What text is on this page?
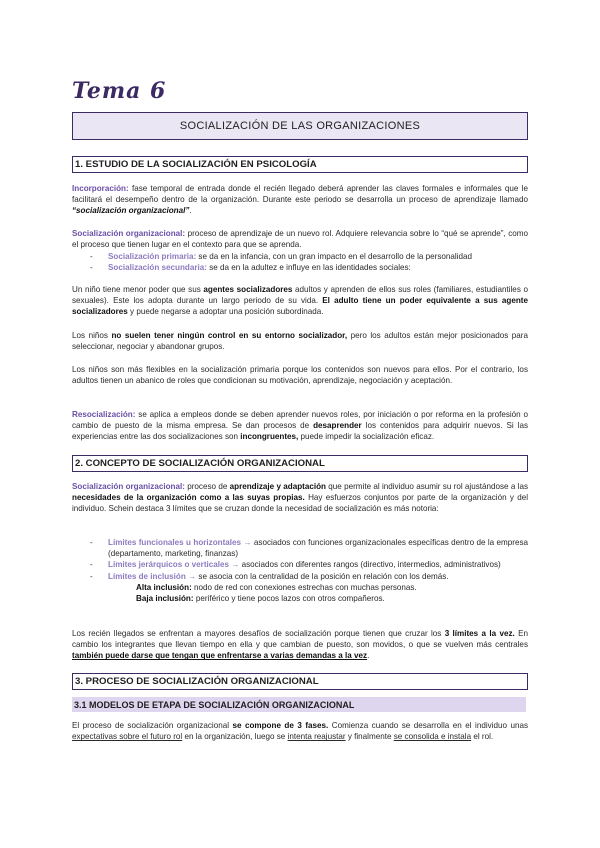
Tema 6
SOCIALIZACIÓN DE LAS ORGANIZACIONES
1. ESTUDIO DE LA SOCIALIZACIÓN EN PSICOLOGÍA
Incorporación: fase temporal de entrada donde el recién llegado deberá aprender las claves formales e informales que le facilitará el desempeño dentro de la organización. Durante este periodo se desarrolla un proceso de aprendizaje llamado “socialización organizacional”.
Socialización organizacional: proceso de aprendizaje de un nuevo rol. Adquiere relevancia sobre lo “qué se aprende”, como el proceso que tienen lugar en el contexto para que se aprenda.
-	Socialización primaria: se da en la infancia, con un gran impacto en el desarrollo de la personalidad
-	Socialización secundaria: se da en la adultez e influye en las identidades sociales:
Un niño tiene menor poder que sus agentes socializadores adultos y aprenden de ellos sus roles (familiares, estudiantiles o sexuales). Este los adopta durante un largo periodo de su vida. El adulto tiene un poder equivalente a sus agente socializadores y puede negarse a adoptar una posición subordinada.
Los niños no suelen tener ningún control en su entorno socializador, pero los adultos están mejor posicionados para seleccionar, negociar y abandonar grupos.
Los niños son más flexibles en la socialización primaria porque los contenidos son nuevos para ellos. Por el contrario, los adultos tienen un abanico de roles que condicionan su motivación, aprendizaje, negociación y aceptación.
Resocialización: se aplica a empleos donde se deben aprender nuevos roles, por iniciación o por reforma en la profesión o cambio de puesto de la misma empresa. Se dan procesos de desaprender los contenidos para adquirir nuevos. Si las experiencias entre las dos socializaciones son incongruentes, puede impedir la socialización eficaz.
2. CONCEPTO DE SOCIALIZACIÓN ORGANIZACIONAL
Socialización organizacional: proceso de aprendizaje y adaptación que permite al individuo asumir su rol ajustándose a las necesidades de la organización como a las suyas propias. Hay esfuerzos conjuntos por parte de la organización y del individuo. Schein destaca 3 límites que se cruzan donde la necesidad de socialización es más notoria:
-	Límites funcionales u horizontales → asociados con funciones organizacionales específicas dentro de la empresa (departamento, marketing, finanzas)
-	Límites jerárquicos o verticales → asociados con diferentes rangos (directivo, intermedios, administrativos)
-	Límites de inclusión → se asocia con la centralidad de la posición en relación con los demás.
Alta inclusión: nodo de red con conexiones estrechas con muchas personas.
Baja inclusión: periférico y tiene pocos lazos con otros compañeros.
Los recién llegados se enfrentan a mayores desafíos de socialización porque tienen que cruzar los 3 límites a la vez. En cambio los integrantes que llevan tiempo en ella y que cambian de puesto, son movidos, o que se vuelven más centrales también puede darse que tengan que enfrentarse a varias demandas a la vez.
3. PROCESO DE SOCIALIZACIÓN ORGANIZACIONAL
3.1 MODELOS DE ETAPA DE SOCIALIZACIÓN ORGANIZACIONAL
El proceso de socialización organizacional se compone de 3 fases. Comienza cuando se desarrolla en el individuo unas expectativas sobre el futuro rol en la organización, luego se intenta reajustar y finalmente se consolida e instala el rol.
